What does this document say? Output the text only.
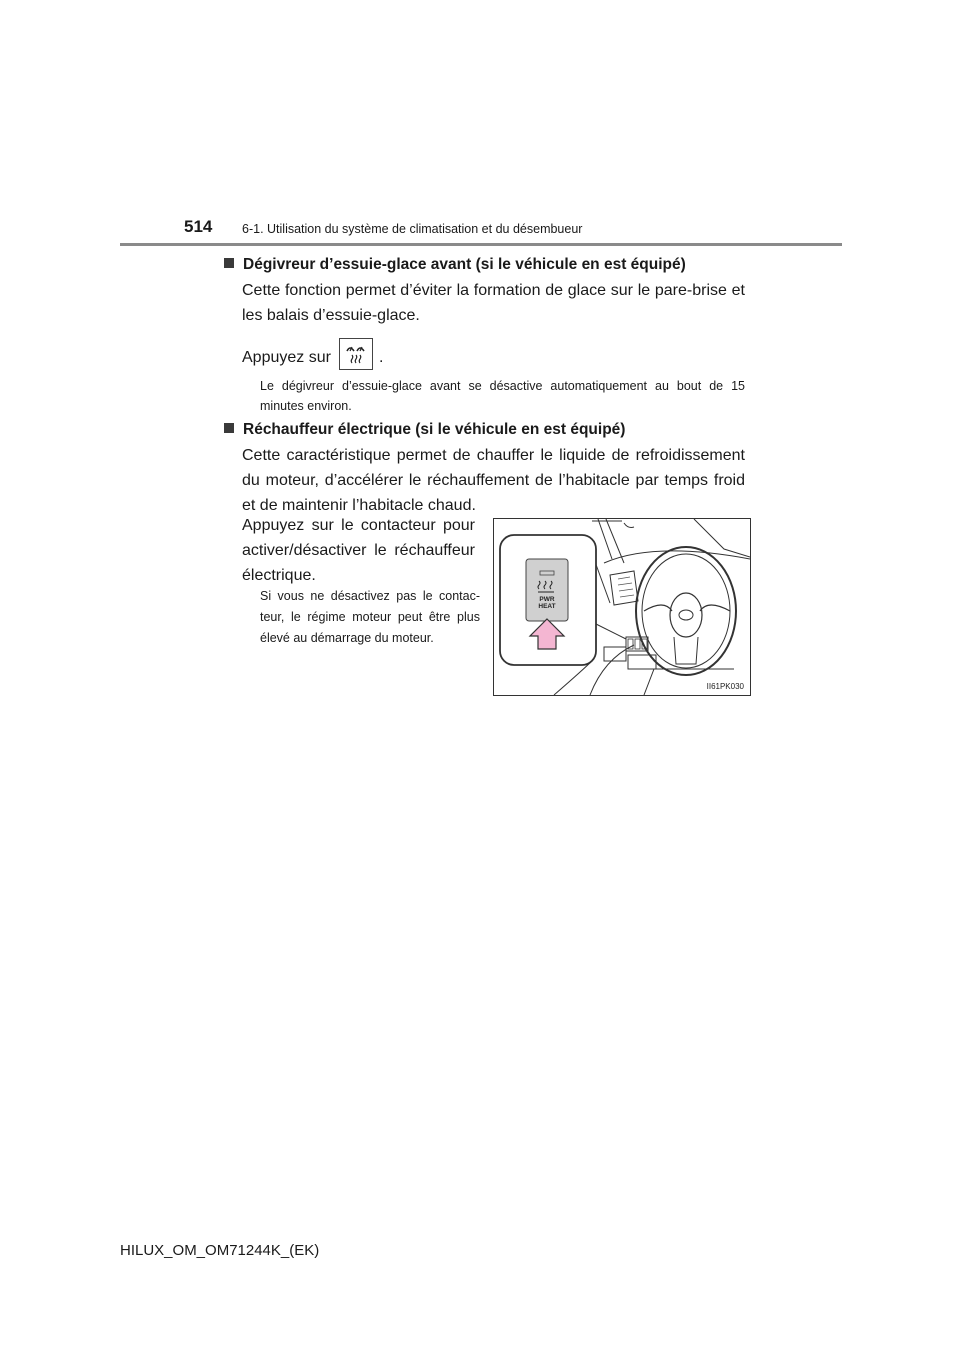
514 6-1. Utilisation du système de climatisation et du désembueur
Dégivreur d’essuie-glace avant (si le véhicule en est équipé)
Cette fonction permet d’éviter la formation de glace sur le pare-brise et les balais d’essuie-glace.
Appuyez sur	.
Le dégivreur d’essuie-glace avant se désactive automatiquement au bout de 15 minutes environ.
Réchauffeur électrique (si le véhicule en est équipé)
Cette caractéristique permet de chauffer le liquide de refroidissement du moteur, d’accélérer le réchauffement de l’habitacle par temps froid et de maintenir l’habitacle chaud.
Appuyez sur le contacteur pour activer/désactiver le réchauffeur électrique.
Si vous ne désactivez pas le contac-teur, le régime moteur peut être plus élevé au démarrage du moteur.
PWR
HEAT
II61PK030
HILUX_OM_OM71244K_(EK)
